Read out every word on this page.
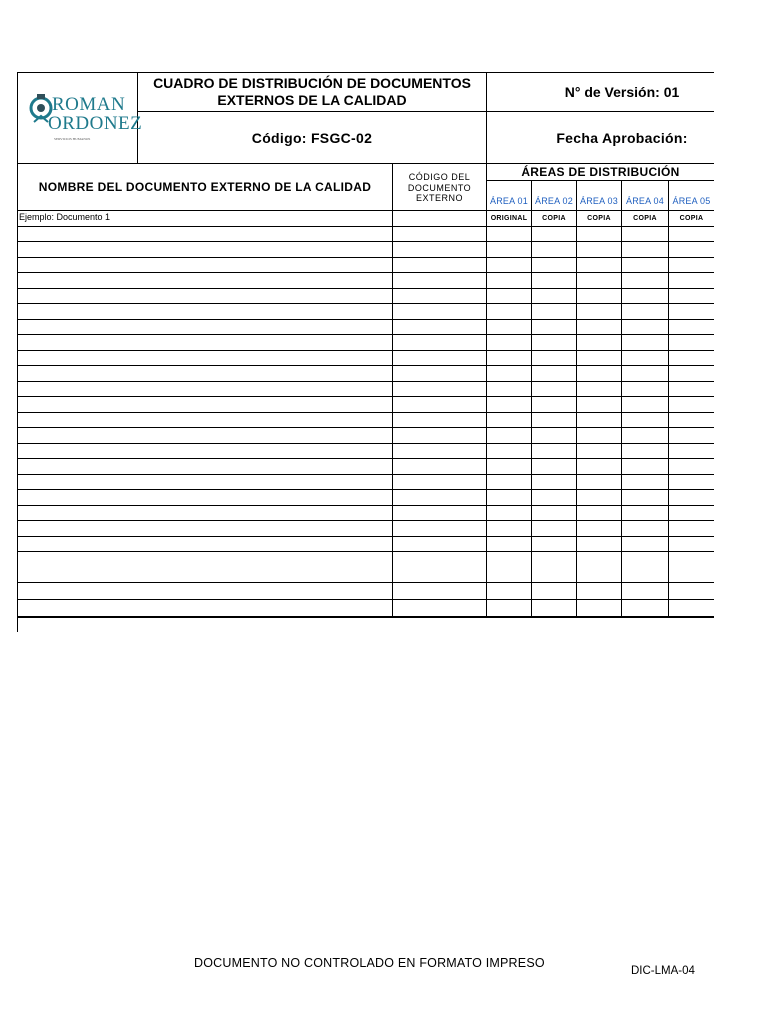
ROMAN
ORDONEZ
SERVICIOS HUMANOS
CUADRO DE DISTRIBUCIÓN DE DOCUMENTOS
EXTERNOS DE LA CALIDAD	N° de Versión: 01
Código: FSGC-02	Fecha Aprobación:
NOMBRE DEL DOCUMENTO EXTERNO DE LA CALIDAD
CÓDIGO DEL
DOCUMENTO
EXTERNO
ÁREAS DE DISTRIBUCIÓN
ÁREA 01 ÁREA 02 ÁREA 03 ÁREA 04 ÁREA 05
ORIGINAL	COPIA	COPIA	COPIA	COPIA
Ejemplo: Documento 1
DOCUMENTO NO CONTROLADO EN FORMATO IMPRESO
DIC-LMA-04
